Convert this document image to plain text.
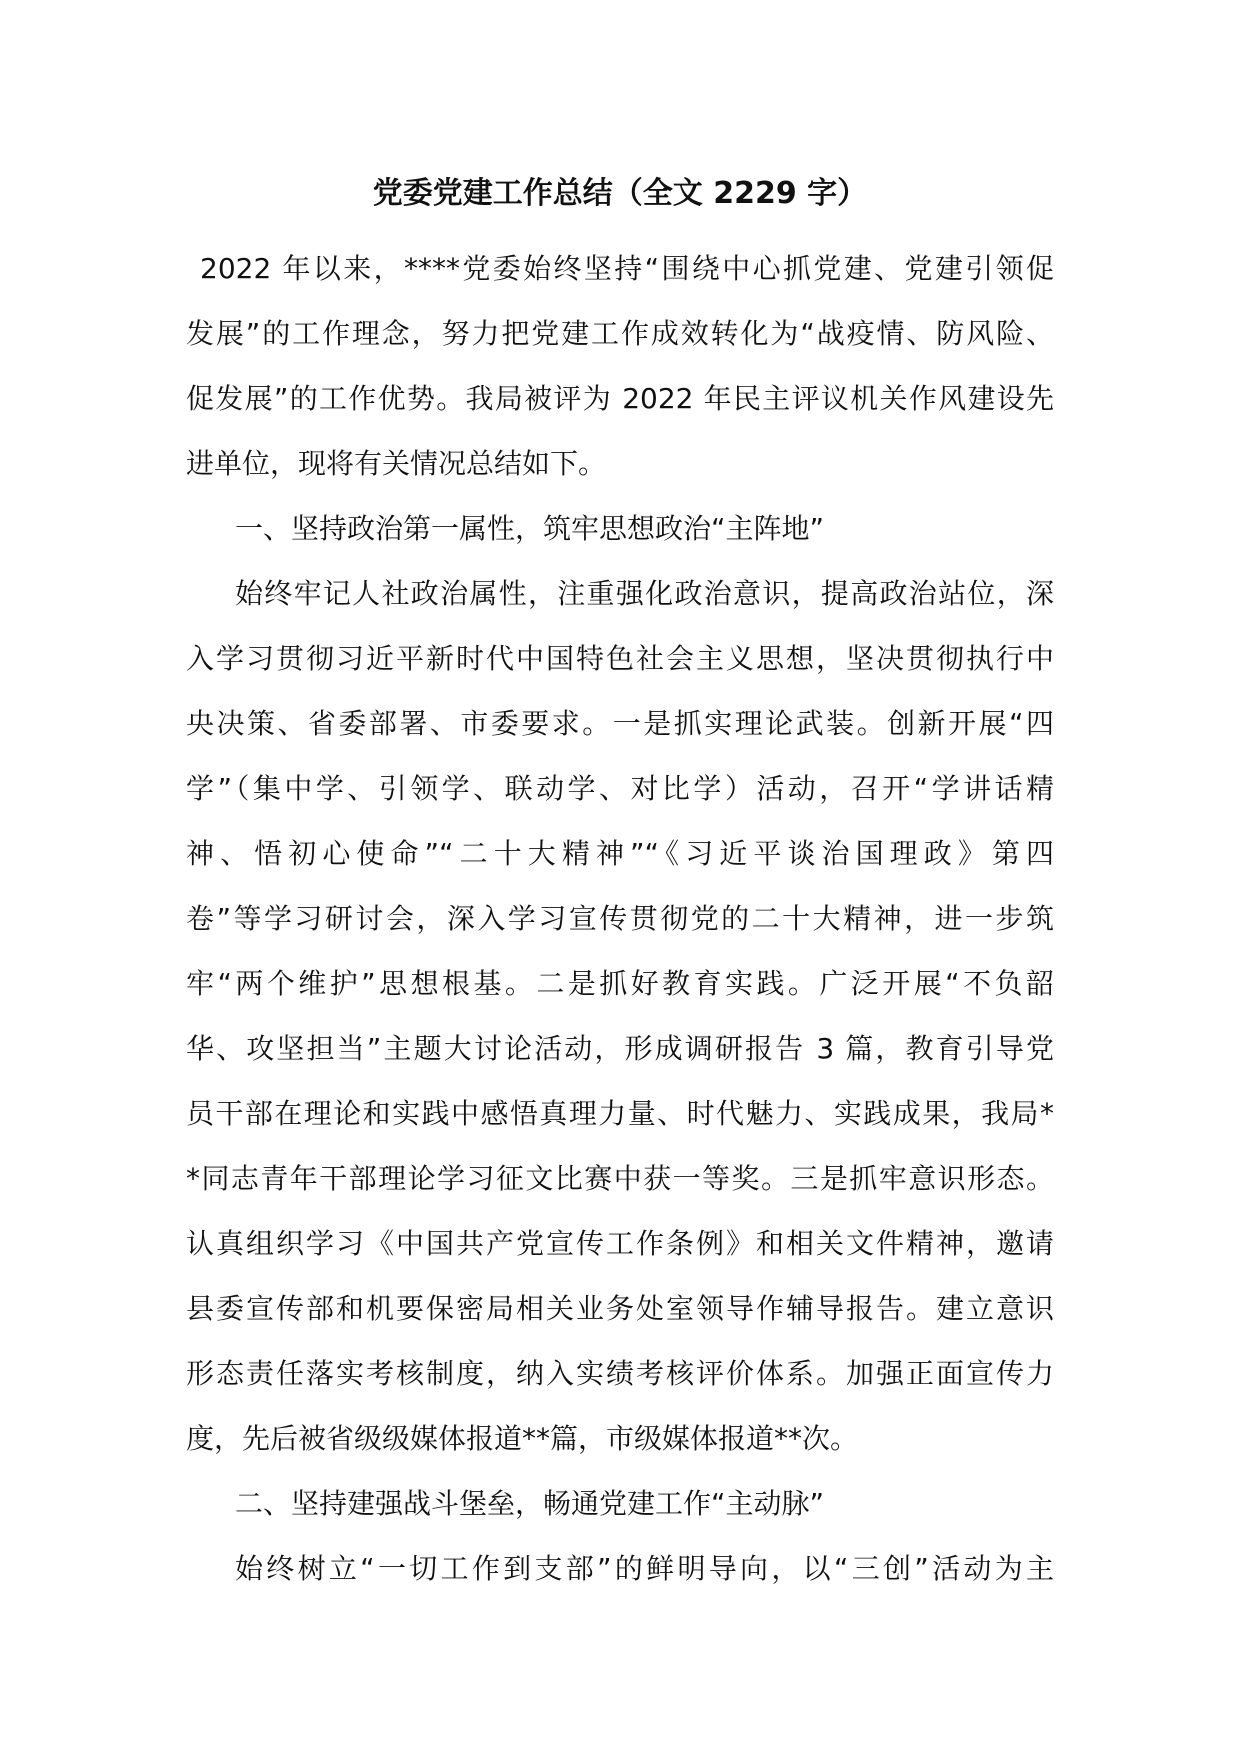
党委党建工作总结（全文 2229 字）
2022 年以来，****党委始终坚持“围绕中心抓党建、党建引领促
发展”的工作理念，努力把党建工作成效转化为“战疫情、防风险、
促发展”的工作优势。我局被评为 2022 年民主评议机关作风建设先
进单位，现将有关情况总结如下。
一、坚持政治第一属性，筑牢思想政治“主阵地”
始终牢记人社政治属性，注重强化政治意识，提高政治站位，深
入学习贯彻习近平新时代中国特色社会主义思想，坚决贯彻执行中
央决策、省委部署、市委要求。一是抓实理论武装。创新开展“四
学”（集中学、引领学、联动学、对比学）活动，召开“学讲话精
神、悟初心使命”“二十大精神”“《习近平谈治国理政》第四
卷”等学习研讨会，深入学习宣传贯彻党的二十大精神，进一步筑
牢“两个维护”思想根基。二是抓好教育实践。广泛开展“不负韶
华、攻坚担当”主题大讨论活动，形成调研报告 3 篇，教育引导党
员干部在理论和实践中感悟真理力量、时代魅力、实践成果，我局*
*同志青年干部理论学习征文比赛中获一等奖。三是抓牢意识形态。
认真组织学习《中国共产党宣传工作条例》和相关文件精神，邀请
县委宣传部和机要保密局相关业务处室领导作辅导报告。建立意识
形态责任落实考核制度，纳入实绩考核评价体系。加强正面宣传力
度，先后被省级级媒体报道**篇，市级媒体报道**次。
二、坚持建强战斗堡垒，畅通党建工作“主动脉”
始终树立“一切工作到支部”的鲜明导向，以“三创”活动为主
